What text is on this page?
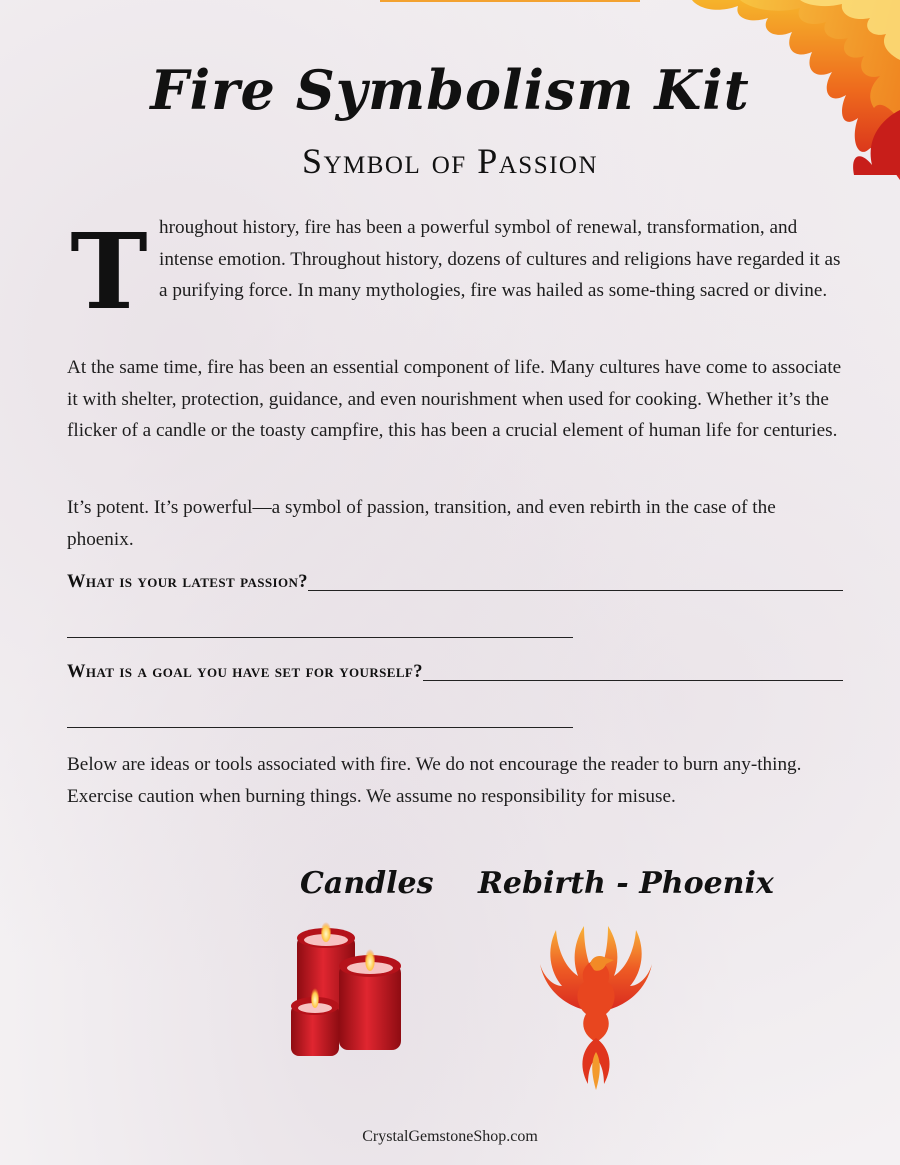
Fire Symbolism Kit
Symbol of Passion
T hroughout history, fire has been a powerful symbol of renewal, transformation, and intense emotion. Throughout history, dozens of cultures and religions have regarded it as a purifying force. In many mythologies, fire was hailed as some-thing sacred or divine.
At the same time, fire has been an essential component of life. Many cultures have come to associate it with shelter, protection, guidance, and even nourishment when used for cooking. Whether it’s the flicker of a candle or the toasty campfire, this has been a crucial element of human life for centuries.
It’s potent. It’s powerful—a symbol of passion, transition, and even rebirth in the case of the phoenix.
What is your latest passion?
What is a goal you have set for yourself?
Below are ideas or tools associated with fire. We do not encourage the reader to burn any-thing. Exercise caution when burning things. We assume no responsibility for misuse.
Candles Rebirth - Phoenix
CrystalGemstoneShop.com
